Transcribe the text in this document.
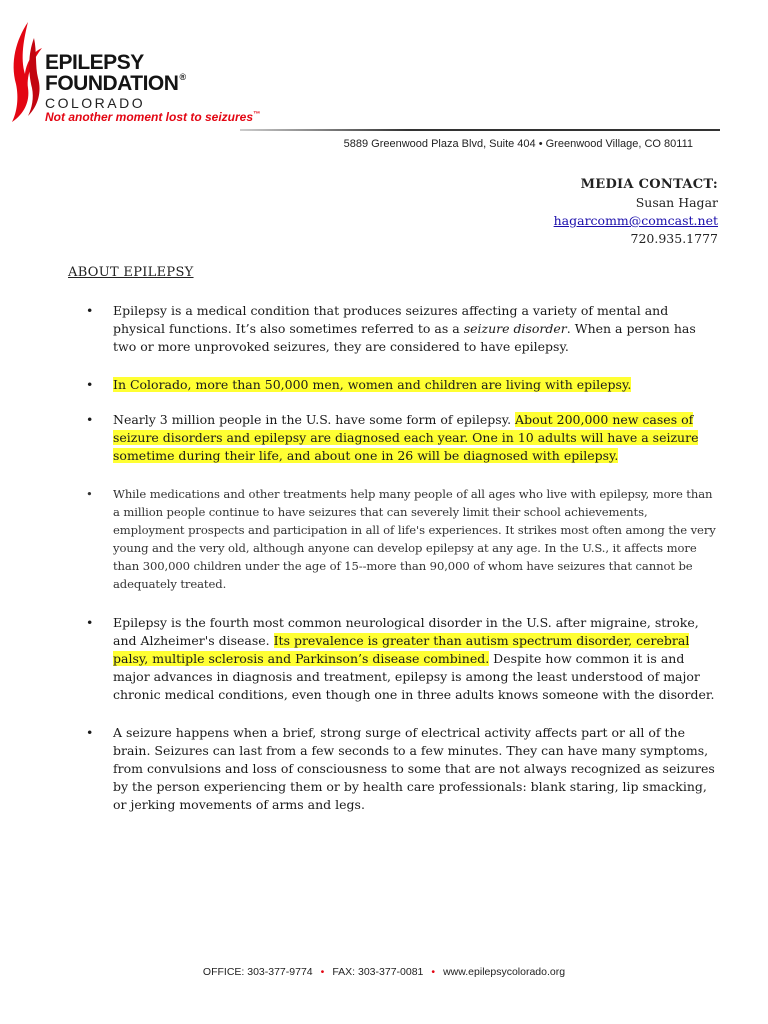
EPILEPSY
FOUNDATION®
COLORADO
Not another moment lost to seizures™
5889 Greenwood Plaza Blvd, Suite 404 • Greenwood Village, CO 80111
MEDIA CONTACT:
Susan Hagar
hagarcomm@comcast.net
720.935.1777
ABOUT EPILEPSY
• Epilepsy is a medical condition that produces seizures affecting a variety of mental and physical functions. It’s also sometimes referred to as a seizure disorder. When a person has two or more unprovoked seizures, they are considered to have epilepsy.
• In Colorado, more than 50,000 men, women and children are living with epilepsy.
• Nearly 3 million people in the U.S. have some form of epilepsy. About 200,000 new cases of seizure disorders and epilepsy are diagnosed each year. One in 10 adults will have a seizure sometime during their life, and about one in 26 will be diagnosed with epilepsy.
• While medications and other treatments help many people of all ages who live with epilepsy, more than a million people continue to have seizures that can severely limit their school achievements, employment prospects and participation in all of life's experiences. It strikes most often among the very young and the very old, although anyone can develop epilepsy at any age. In the U.S., it affects more than 300,000 children under the age of 15--more than 90,000 of whom have seizures that cannot be adequately treated.
• Epilepsy is the fourth most common neurological disorder in the U.S. after migraine, stroke, and Alzheimer's disease. Its prevalence is greater than autism spectrum disorder, cerebral palsy, multiple sclerosis and Parkinson’s disease combined. Despite how common it is and major advances in diagnosis and treatment, epilepsy is among the least understood of major chronic medical conditions, even though one in three adults knows someone with the disorder.
• A seizure happens when a brief, strong surge of electrical activity affects part or all of the brain. Seizures can last from a few seconds to a few minutes. They can have many symptoms, from convulsions and loss of consciousness to some that are not always recognized as seizures by the person experiencing them or by health care professionals: blank staring, lip smacking, or jerking movements of arms and legs.
OFFICE: 303-377-9774 • FAX: 303-377-0081 • www.epilepsycolorado.org
